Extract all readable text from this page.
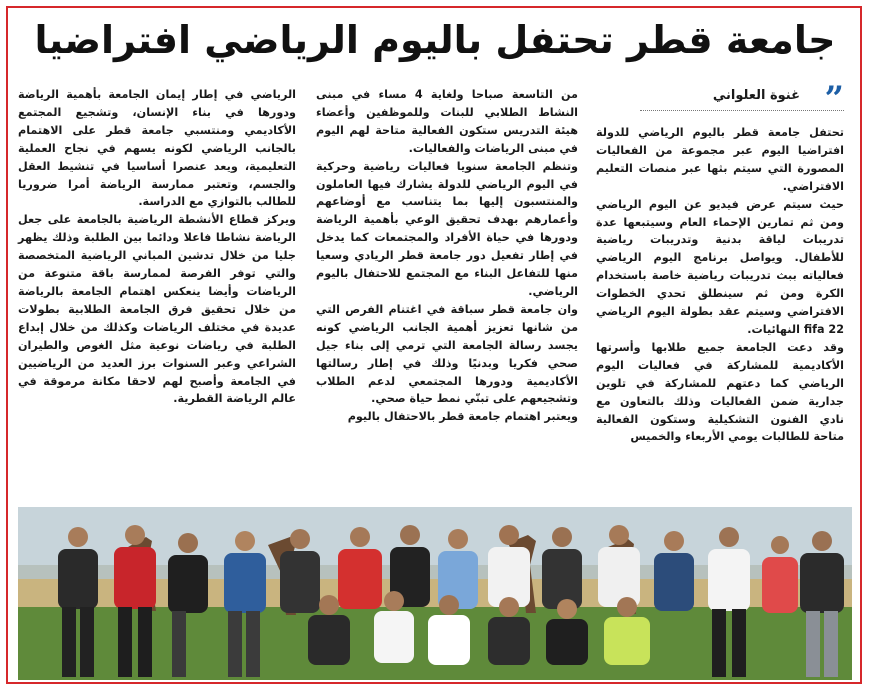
جامعة قطر تحتفل باليوم الرياضي افتراضيا
”
غنوة العلواني

تحتفل جامعة قطر باليوم الرياضي للدولة افتراضيا اليوم عبر مجموعة من الفعاليات المصورة التي سيتم بثها عبر منصات التعليم الافتراضي.

حيث سيتم عرض فيديو عن اليوم الرياضي ومن ثم تمارين الإحماء العام وسيتبعها عدة تدريبات لياقة بدنية وتدريبات رياضية للأطفال. ويواصل برنامج اليوم الرياضي فعالياته ببث تدريبات رياضية خاصة باستخدام الكرة ومن ثم سينطلق تحدي الخطوات الافتراضي وسيتم عقد بطولة اليوم الرياضي fifa 22 النهائيات.

وقد دعت الجامعة جميع طلابها وأسرتها الأكاديمية للمشاركة في فعاليات اليوم الرياضي كما دعتهم للمشاركة في تلوين جدارية ضمن الفعاليات وذلك بالتعاون مع نادي الفنون التشكيلية وستكون الفعالية متاحة للطالبات يومي الأربعاء والخميس

من التاسعة صباحا ولغاية 4 مساء في مبنى النشاط الطلابي للبنات وللموظفين وأعضاء هيئة التدريس ستكون الفعالية متاحة لهم اليوم في مبنى الرياضات والفعاليات.

وتنظم الجامعة سنويا فعاليات رياضية وحركية في اليوم الرياضي للدولة يشارك فيها العاملون والمنتسبون إليها بما يتناسب مع أوضاعهم وأعمارهم بهدف تحقيق الوعي بأهمية الرياضة ودورها في حياة الأفراد والمجتمعات كما يدخل في إطار تفعيل دور جامعة قطر الريادي وسعيا منها للتفاعل البناء مع المجتمع للاحتفال باليوم الرياضي.

وان جامعة قطر سباقة في اغتنام الفرص التي من شانها تعزيز أهمية الجانب الرياضي كونه يجسد رسالة الجامعة التي ترمي إلى بناء جيل صحي فكريا وبدنيًا وذلك في إطار رسالتها الأكاديمية ودورها المجتمعي لدعم الطلاب وتشجيعهم على تبنّي نمط حياة صحي.

ويعتبر اهتمام جامعة قطر بالاحتفال باليوم

الرياضي في إطار إيمان الجامعة بأهمية الرياضة ودورها في بناء الإنسان، وتشجيع المجتمع الأكاديمي ومنتسبي جامعة قطر على الاهتمام بالجانب الرياضي لكونه يسهم في نجاح العملية التعليمية، ويعد عنصرا أساسيا في تنشيط العقل والجسم، وتعتبر ممارسة الرياضة أمرا ضروريا للطالب بالتوازي مع الدراسة.

ويركز قطاع الأنشطة الرياضية بالجامعة على جعل الرياضة نشاطا فاعلا ودائما بين الطلبة وذلك يظهر جليا من خلال تدشين المباني الرياضية المتخصصة والتي توفر الفرصة لممارسة باقة متنوعة من الرياضات وأيضا ينعكس اهتمام الجامعة بالرياضة من خلال تحقيق فرق الجامعة الطلابية بطولات عديدة في مختلف الرياضات وكذلك من خلال إبداع الطلبة في رياضات نوعية مثل الغوص والطيران الشراعي وعبر السنوات برز العديد من الرياضيين في الجامعة وأصبح لهم لاحقا مكانة مرموقة في عالم الرياضة القطرية.
